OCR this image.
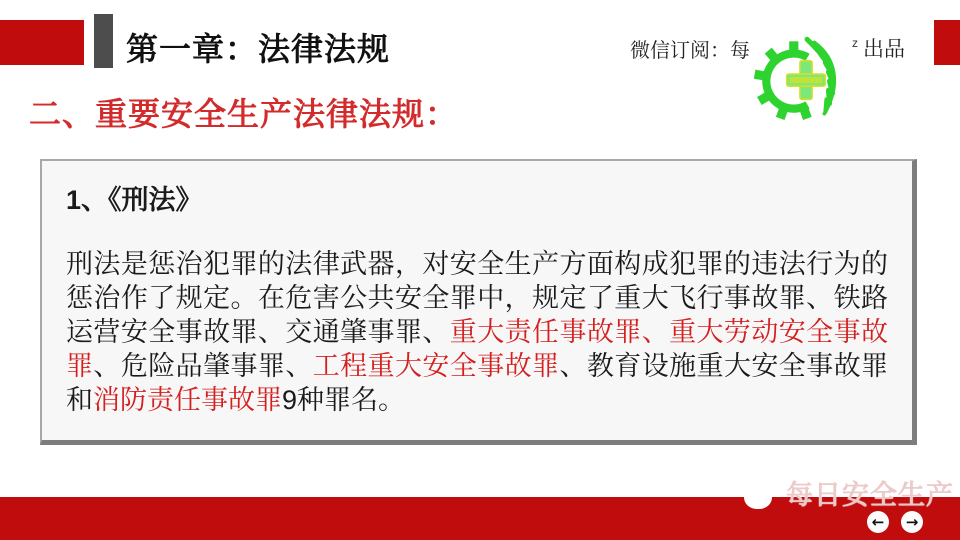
第一章：法律法规	微信订阅：每	z 出品
二、重要安全生产法律法规：
1、《刑法》
刑法是惩治犯罪的法律武器，对安全生产方面构成犯罪的违法行为的惩治作了规定。在危害公共安全罪中，规定了重大飞行事故罪、铁路运营安全事故罪、交通肇事罪、重大责任事故罪、重大劳动安全事故罪、危险品肇事罪、工程重大安全事故罪、教育设施重大安全事故罪和消防责任事故罪9种罪名。
每日安全生产
← →
